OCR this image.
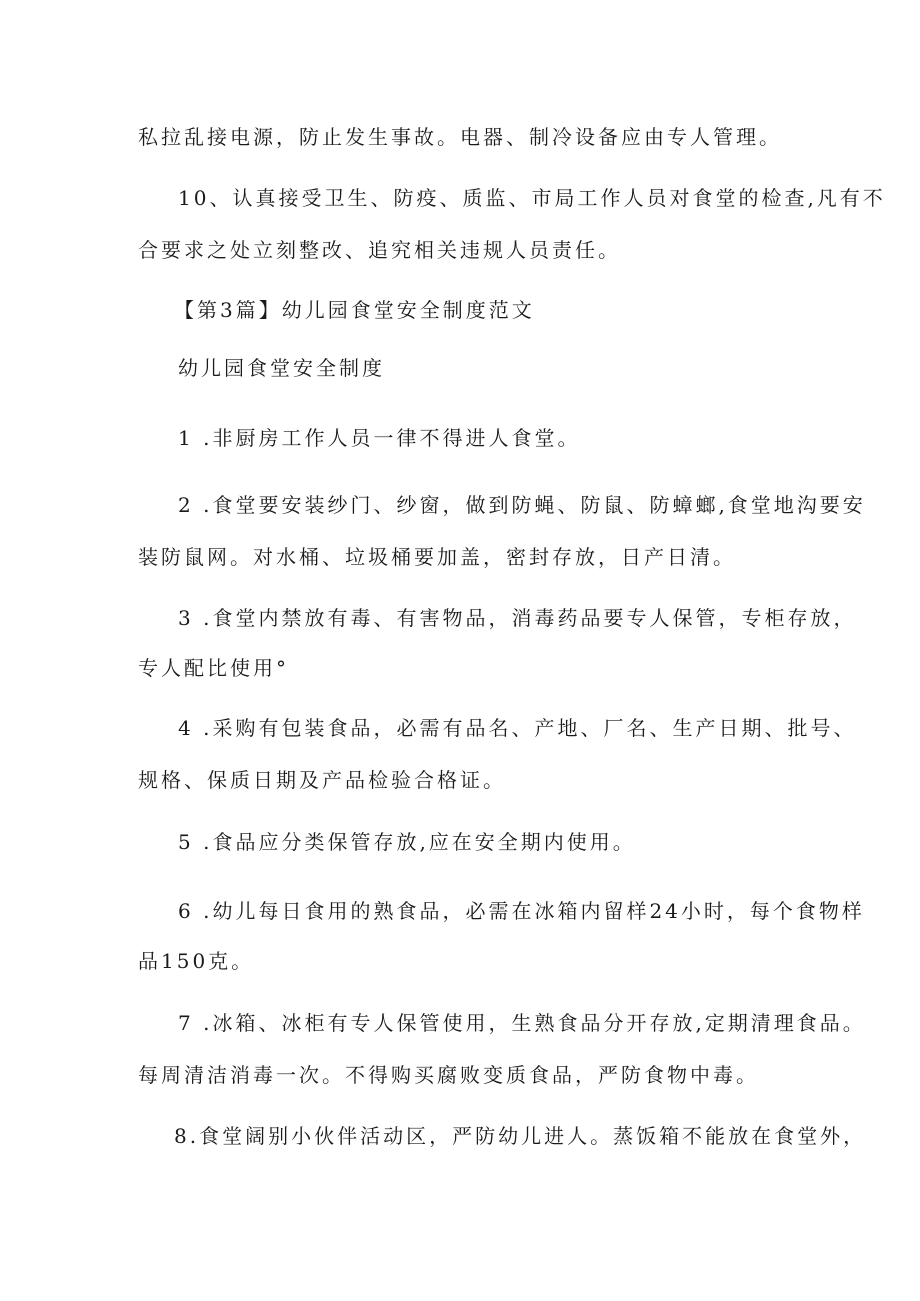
私拉乱接电源，防止发生事故。电器、制冷设备应由专人管理。
10、认真接受卫生、防疫、质监、市局工作人员对食堂的检查,凡有不
合要求之处立刻整改、追究相关违规人员责任。
【第3篇】幼儿园食堂安全制度范文
幼儿园食堂安全制度
1 .非厨房工作人员一律不得进人食堂。
2 .食堂要安装纱门、纱窗，做到防蝇、防鼠、防蟑螂,食堂地沟要安
装防鼠网。对水桶、垃圾桶要加盖，密封存放，日产日清。
3 .食堂内禁放有毒、有害物品，消毒药品要专人保管，专柜存放，
专人配比使用°
4 .采购有包装食品，必需有品名、产地、厂名、生产日期、批号、
规格、保质日期及产品检验合格证。
5 .食品应分类保管存放,应在安全期内使用。
6 .幼儿每日食用的熟食品，必需在冰箱内留样24小时，每个食物样
品150克。
7 .冰箱、冰柜有专人保管使用，生熟食品分开存放,定期清理食品。
每周清洁消毒一次。不得购买腐败变质食品，严防食物中毒。
8.食堂阔别小伙伴活动区，严防幼儿进人。蒸饭箱不能放在食堂外，
